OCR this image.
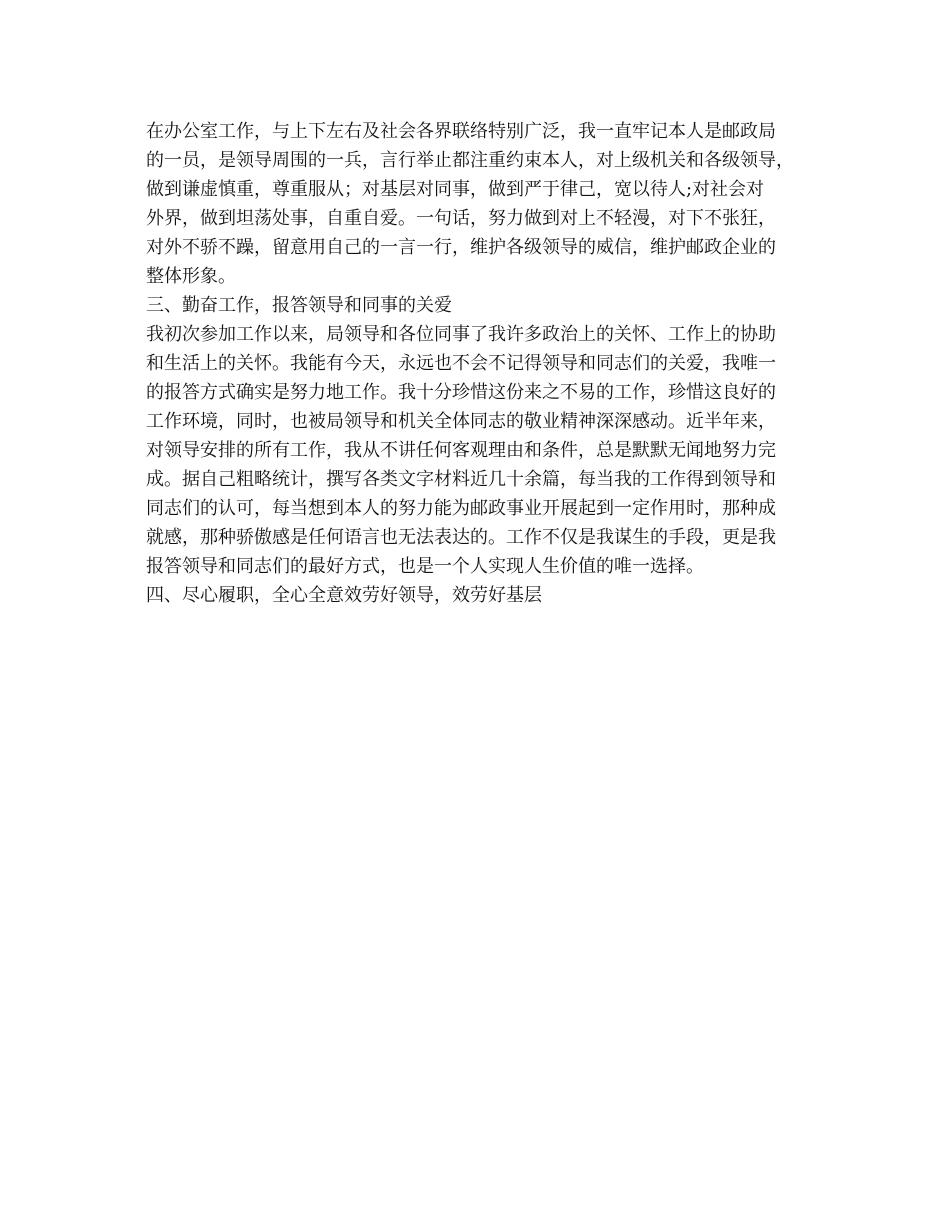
在办公室工作，与上下左右及社会各界联络特别广泛，我一直牢记本人是邮政局
的一员，是领导周围的一兵，言行举止都注重约束本人，对上级机关和各级领导，
做到谦虚慎重，尊重服从；对基层对同事，做到严于律己，宽以待人;对社会对
外界，做到坦荡处事，自重自爱。一句话，努力做到对上不轻漫，对下不张狂，
对外不骄不躁，留意用自己的一言一行，维护各级领导的威信，维护邮政企业的
整体形象。
三、勤奋工作，报答领导和同事的关爱
我初次参加工作以来，局领导和各位同事了我许多政治上的关怀、工作上的协助
和生活上的关怀。我能有今天，永远也不会不记得领导和同志们的关爱，我唯一
的报答方式确实是努力地工作。我十分珍惜这份来之不易的工作，珍惜这良好的
工作环境，同时，也被局领导和机关全体同志的敬业精神深深感动。近半年来，
对领导安排的所有工作，我从不讲任何客观理由和条件，总是默默无闻地努力完
成。据自己粗略统计，撰写各类文字材料近几十余篇，每当我的工作得到领导和
同志们的认可，每当想到本人的努力能为邮政事业开展起到一定作用时，那种成
就感，那种骄傲感是任何语言也无法表达的。工作不仅是我谋生的手段，更是我
报答领导和同志们的最好方式，也是一个人实现人生价值的唯一选择。
四、尽心履职，全心全意效劳好领导，效劳好基层
